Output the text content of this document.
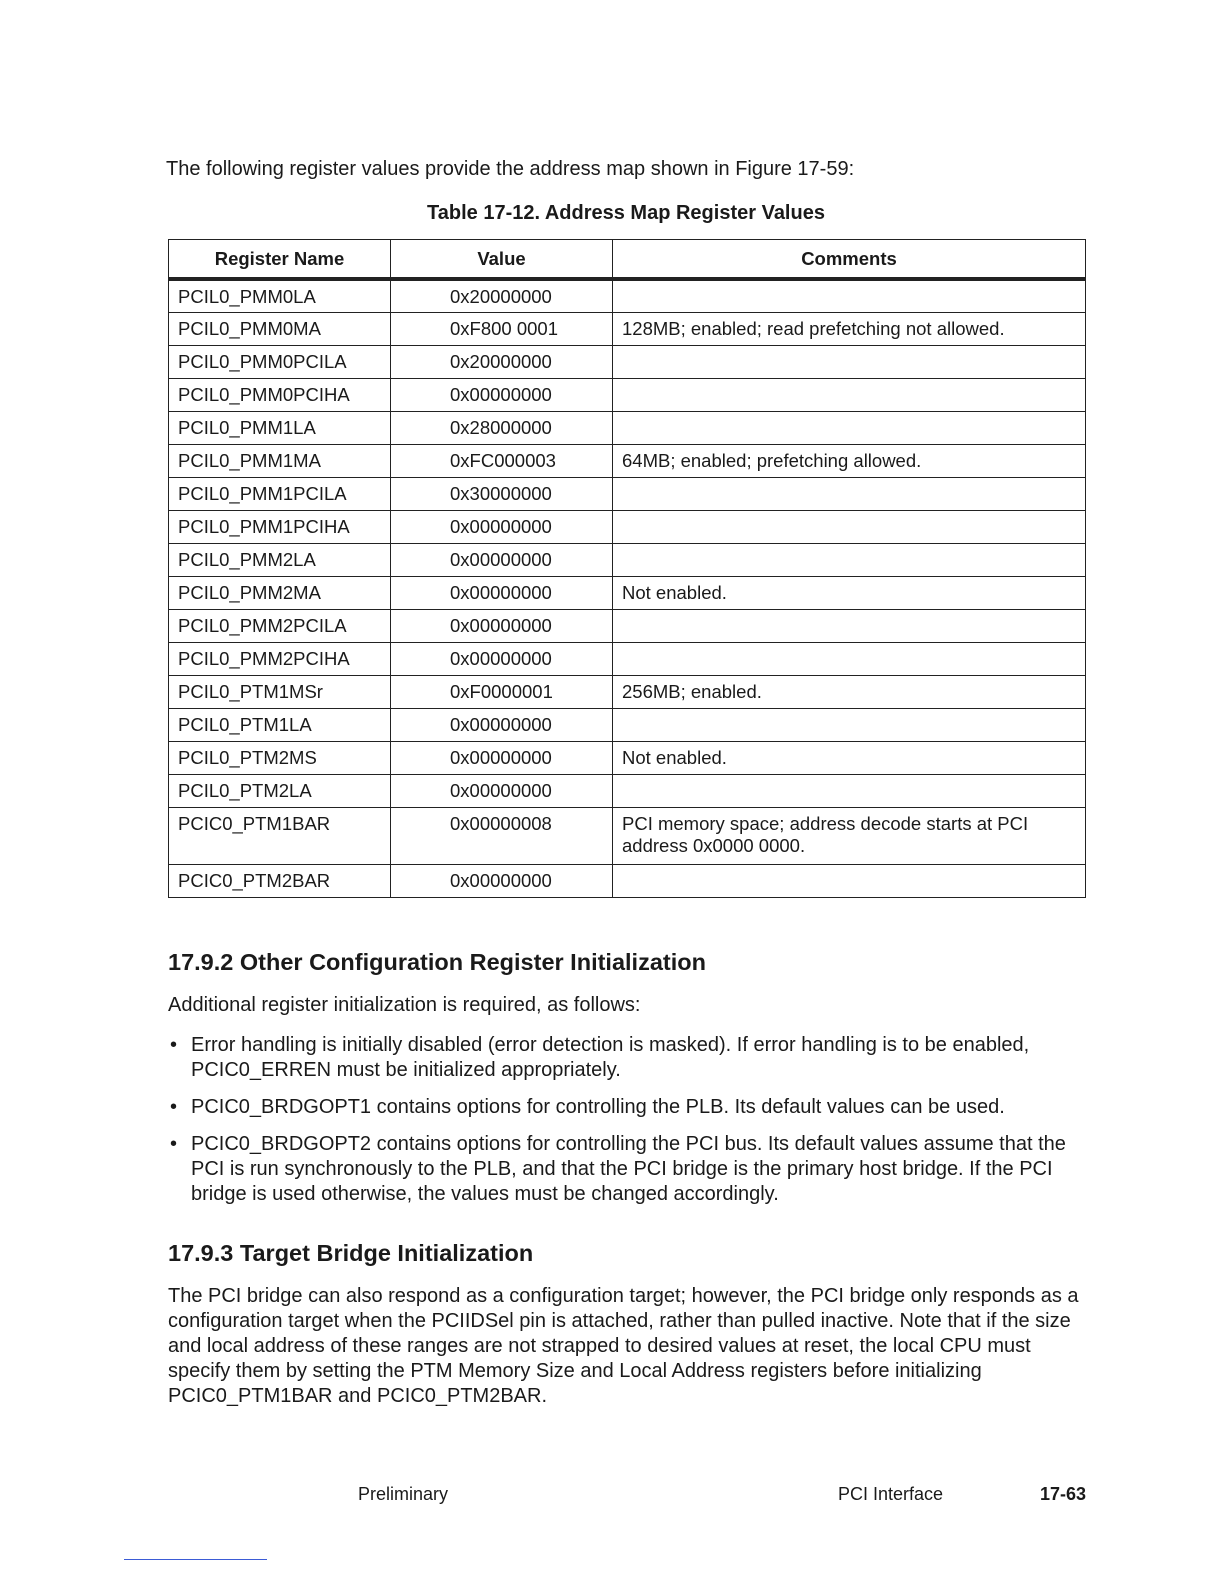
The following register values provide the address map shown in Figure 17-59:
Table 17-12. Address Map Register Values
Register Name	Value	Comments
PCIL0_PMM0LA	0x20000000	
PCIL0_PMM0MA	0xF800 0001	128MB; enabled; read prefetching not allowed.
PCIL0_PMM0PCILA	0x20000000	
PCIL0_PMM0PCIHA	0x00000000	
PCIL0_PMM1LA	0x28000000	
PCIL0_PMM1MA	0xFC000003	64MB; enabled; prefetching allowed.
PCIL0_PMM1PCILA	0x30000000	
PCIL0_PMM1PCIHA	0x00000000	
PCIL0_PMM2LA	0x00000000	
PCIL0_PMM2MA	0x00000000	Not enabled.
PCIL0_PMM2PCILA	0x00000000	
PCIL0_PMM2PCIHA	0x00000000	
PCIL0_PTM1MSr	0xF0000001	256MB; enabled.
PCIL0_PTM1LA	0x00000000	
PCIL0_PTM2MS	0x00000000	Not enabled.
PCIL0_PTM2LA	0x00000000	
PCIC0_PTM1BAR	0x00000008	PCI memory space; address decode starts at PCI address 0x0000 0000.
PCIC0_PTM2BAR	0x00000000	
17.9.2 Other Configuration Register Initialization
Additional register initialization is required, as follows:
• Error handling is initially disabled (error detection is masked). If error handling is to be enabled, PCIC0_ERREN must be initialized appropriately.
• PCIC0_BRDGOPT1 contains options for controlling the PLB. Its default values can be used.
• PCIC0_BRDGOPT2 contains options for controlling the PCI bus. Its default values assume that the PCI is run synchronously to the PLB, and that the PCI bridge is the primary host bridge. If the PCI bridge is used otherwise, the values must be changed accordingly.
17.9.3 Target Bridge Initialization
The PCI bridge can also respond as a configuration target; however, the PCI bridge only responds as a configuration target when the PCIIDSel pin is attached, rather than pulled inactive. Note that if the size and local address of these ranges are not strapped to desired values at reset, the local CPU must specify them by setting the PTM Memory Size and Local Address registers before initializing PCIC0_PTM1BAR and PCIC0_PTM2BAR.
Preliminary	PCI Interface	17-63
